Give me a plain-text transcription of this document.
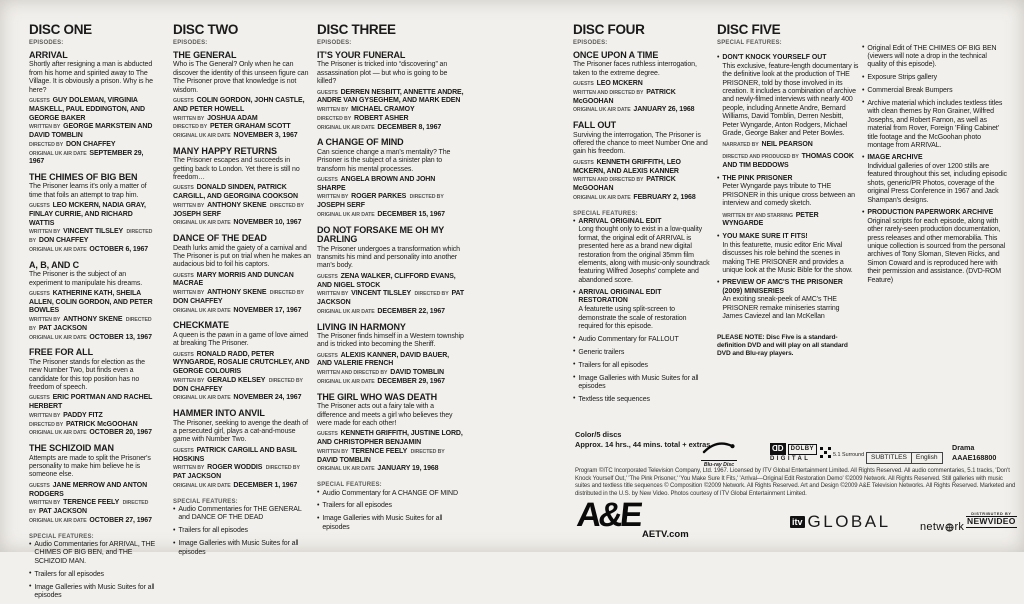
DISC ONE
EPISODES:
ARRIVAL
Shortly after resigning a man is abducted from his home and spirited away to The Village. It is obviously a prison. Why is he here?
GUESTS GUY DOLEMAN, VIRGINIA MASKELL, PAUL EDDINGTON, AND GEORGE BAKER 
WRITTEN BY GEORGE MARKSTEIN AND DAVID TOMBLIN 
DIRECTED BY DON CHAFFEY 
ORIGINAL UK AIR DATE SEPTEMBER 29, 1967 
THE CHIMES OF BIG BEN
The Prisoner learns it's only a matter of time that foils an attempt to trap him.
GUESTS LEO MCKERN, NADIA GRAY, FINLAY CURRIE, AND RICHARD WATTIS 
WRITTEN BY VINCENT TILSLEY  DIRECTED BY DON CHAFFEY 
ORIGINAL UK AIR DATE OCTOBER 6, 1967 
A, B, AND C
The Prisoner is the subject of an experiment to manipulate his dreams.
GUESTS KATHERINE KATH, SHEILA ALLEN, COLIN GORDON, AND PETER BOWLES 
WRITTEN BY ANTHONY SKENE  DIRECTED BY PAT JACKSON 
ORIGINAL UK AIR DATE OCTOBER 13, 1967 
FREE FOR ALL
The Prisoner stands for election as the new Number Two, but finds even a candidate for this top position has no freedom of speech.
GUESTS ERIC PORTMAN AND RACHEL HERBERT 
WRITTEN BY PADDY FITZ 
DIRECTED BY PATRICK McGOOHAN 
ORIGINAL UK AIR DATE OCTOBER 20, 1967 
THE SCHIZOID MAN
Attempts are made to split the Prisoner's personality to make him believe he is someone else.
GUESTS JANE MERROW AND ANTON RODGERS 
WRITTEN BY TERENCE FEELY  DIRECTED BY PAT JACKSON 
ORIGINAL UK AIR DATE OCTOBER 27, 1967 
SPECIAL FEATURES:
• Audio Commentaries for ARRIVAL, THE CHIMES OF BIG BEN, and THE SCHIZOID MAN.
• Trailers for all episodes
• Image Galleries with Music Suites for all episodes
DISC TWO
EPISODES:
THE GENERAL
Who is The General? Only when he can discover the identity of this unseen figure can The Prisoner prove that knowledge is not wisdom.
GUESTS COLIN GORDON, JOHN CASTLE, AND PETER HOWELL 
WRITTEN BY JOSHUA ADAM 
DIRECTED BY PETER GRAHAM SCOTT 
ORIGINAL UK AIR DATE NOVEMBER 3, 1967 
MANY HAPPY RETURNS
The Prisoner escapes and succeeds in getting back to London. Yet there is still no freedom…
GUESTS DONALD SINDEN, PATRICK CARGILL, AND GEORGINA COOKSON 
WRITTEN BY ANTHONY SKENE  DIRECTED BY JOSEPH SERF 
ORIGINAL UK AIR DATE NOVEMBER 10, 1967 
DANCE OF THE DEAD
Death lurks amid the gaiety of a carnival and The Prisoner is put on trial when he makes an audacious bid to foil his captors.
GUESTS MARY MORRIS AND DUNCAN MACRAE 
WRITTEN BY ANTHONY SKENE  DIRECTED BY DON CHAFFEY 
ORIGINAL UK AIR DATE NOVEMBER 17, 1967 
CHECKMATE
A queen is the pawn in a game of love aimed at breaking The Prisoner.
GUESTS RONALD RADD, PETER WYNGARDE, ROSALIE CRUTCHLEY, AND GEORGE COLOURIS 
WRITTEN BY GERALD KELSEY  DIRECTED BY DON CHAFFEY 
ORIGINAL UK AIR DATE NOVEMBER 24, 1967 
HAMMER INTO ANVIL
The Prisoner, seeking to avenge the death of a persecuted girl, plays a cat-and-mouse game with Number Two.
GUESTS PATRICK CARGILL AND BASIL HOSKINS 
WRITTEN BY ROGER WODDIS  DIRECTED BY PAT JACKSON 
ORIGINAL UK AIR DATE DECEMBER 1, 1967 
SPECIAL FEATURES:
• Audio Commentaries for THE GENERAL and DANCE OF THE DEAD
• Trailers for all episodes
• Image Galleries with Music Suites for all episodes
DISC THREE
EPISODES:
IT'S YOUR FUNERAL
The Prisoner is tricked into “discovering” an assassination plot — but who is going to be killed?
GUESTS DERREN NESBITT, ANNETTE ANDRE, ANDRE VAN GYSEGHEM, AND MARK EDEN 
WRITTEN BY MICHAEL CRAMOY 
DIRECTED BY ROBERT ASHER 
ORIGINAL UK AIR DATE DECEMBER 8, 1967 
A CHANGE OF MIND
Can science change a man's mentality? The Prisoner is the subject of a sinister plan to transform his mental processes.
GUESTS ANGELA BROWN AND JOHN SHARPE 
WRITTEN BY ROGER PARKES  DIRECTED BY JOSEPH SERF 
ORIGINAL UK AIR DATE DECEMBER 15, 1967 
DO NOT FORSAKE ME OH MY DARLING
The Prisoner undergoes a transformation which transmits his mind and personality into another man's body.
GUESTS ZENA WALKER, CLIFFORD EVANS, AND NIGEL STOCK 
WRITTEN BY VINCENT TILSLEY  DIRECTED BY PAT JACKSON 
ORIGINAL UK AIR DATE DECEMBER 22, 1967 
LIVING IN HARMONY
The Prisoner finds himself in a Western township and is tricked into becoming the Sheriff.
GUESTS ALEXIS KANNER, DAVID BAUER, AND VALERIE FRENCH 
WRITTEN AND DIRECTED BY DAVID TOMBLIN 
ORIGINAL UK AIR DATE DECEMBER 29, 1967 
THE GIRL WHO WAS DEATH
The Prisoner acts out a fairy tale with a difference and meets a girl who believes they were made for each other!
GUESTS KENNETH GRIFFITH, JUSTINE LORD, AND CHRISTOPHER BENJAMIN 
WRITTEN BY TERENCE FEELY  DIRECTED BY DAVID TOMBLIN 
ORIGINAL UK AIR DATE JANUARY 19, 1968 
SPECIAL FEATURES:
• Audio Commentary for A CHANGE OF MIND
• Trailers for all episodes
• Image Galleries with Music Suites for all episodes
DISC FOUR
EPISODES:
ONCE UPON A TIME
The Prisoner faces ruthless interrogation, taken to the extreme degree.
GUESTS LEO MCKERN 
WRITTEN AND DIRECTED BY PATRICK McGOOHAN 
ORIGINAL UK AIR DATE JANUARY 26, 1968 
FALL OUT
Surviving the interrogation, The Prisoner is offered the chance to meet Number One and gain his freedom.
GUESTS KENNETH GRIFFITH, LEO MCKERN, AND ALEXIS KANNER 
WRITTEN AND DIRECTED BY PATRICK McGOOHAN 
ORIGINAL UK AIR DATE FEBRUARY 2, 1968 
SPECIAL FEATURES:
• ARRIVAL ORIGINAL EDIT
Long thought only to exist in a low-quality format, the original edit of ARRIVAL is presented here as a brand new digital restoration from the original 35mm film elements, along with music-only soundtrack featuring Wilfred Josephs' complete and abandoned score.
• ARRIVAL ORIGINAL EDIT RESTORATION
A featurette using split-screen to demonstrate the scale of restoration required for this episode.
• Audio Commentary for FALLOUT
• Generic trailers
• Trailers for all episodes
• Image Galleries with Music Suites for all episodes
• Textless title sequences
DISC FIVE
SPECIAL FEATURES:
• DON'T KNOCK YOURSELF OUT
This exclusive, feature-length documentary is the definitive look at the production of THE PRISONER, told by those involved in its creation. It includes a combination of archive and newly-filmed interviews with nearly 400 people, including Annette Andre, Bernard Williams, David Tomblin, Derren Nesbitt, Peter Wyngarde, Anton Rodgers, Michael Grade, George Baker and Peter Bowles.
NARRATED BY NEIL PEARSON 
DIRECTED AND PRODUCED BY THOMAS COOK AND TIM BEDDOWS 
• THE PINK PRISONER
Peter Wyngarde pays tribute to THE PRISONER in this unique cross between an interview and comedy sketch.
WRITTEN BY AND STARRING PETER WYNGARDE 
• YOU MAKE SURE IT FITS!
In this featurette, music editor Eric Mival discusses his role behind the scenes in making THE PRISONER and provides a unique look at the Music Bible for the show.
• PREVIEW OF AMC'S THE PRISONER (2009) MINISERIES
An exciting sneak-peek of AMC's THE PRISONER remake miniseries starring James Caviezel and Ian McKellan
PLEASE NOTE: Disc Five is a standard-definition DVD and will play on all standard DVD and Blu-ray players.
• Original Edit of THE CHIMES OF BIG BEN (viewers will note a drop in the technical quality of this episode).
• Exposure Strips gallery
• Commercial Break Bumpers
• Archive material which includes textless titles with clean themes by Ron Grainer, Wilfred Josephs, and Robert Farnon, as well as material from Rover, Foreign 'Filing Cabinet' title footage and the McGoohan photo montage from ARRIVAL.
• IMAGE ARCHIVE
Individual galleries of over 1200 stills are featured throughout this set, including episodic shots, generic/PR Photos, coverage of the original Press Conference in 1967 and Jack Shampan's designs.
• PRODUCTION PAPERWORK ARCHIVE
Original scripts for each episode, along with other rarely-seen production documentation, press releases and other memorabilia. This unique collection is sourced from the personal archives of Tony Sloman, Steven Ricks, and Simon Coward and is reproduced here with their permission and assistance. (DVD-ROM Feature)
Color/5 discs
Approx. 14 hrs., 44 mins. total + extras
Program ©ITC Incorporated Television Company, Ltd. 1967. Licensed by ITV Global Entertainment Limited. All Rights Reserved. All audio commentaries, 5.1 tracks, 'Don't Knock Yourself Out,' 'The Pink Prisoner,' 'You Make Sure It Fits,' 'Arrival—Original Edit Restoration Demo' ©2009 Network. All Rights Reserved. Still galleries with music suites and textless title sequences © Composition ©2009 Network. All Rights Reserved. Art and Design ©2009 A&E Television Networks. All Rights Reserved. Marketed and distributed in the U.S. by New Video. Photos courtesy of ITV Global Entertainment Limited.
Blu-ray Disc
D D	DOLBY
DIGITAL
5.1 Surround	SUBTITLES	English
Drama
AAAE168800
A&E
AETV.com
itv GLOBAL	netw rk
DISTRIBUTED BY
NEWVIDEO
